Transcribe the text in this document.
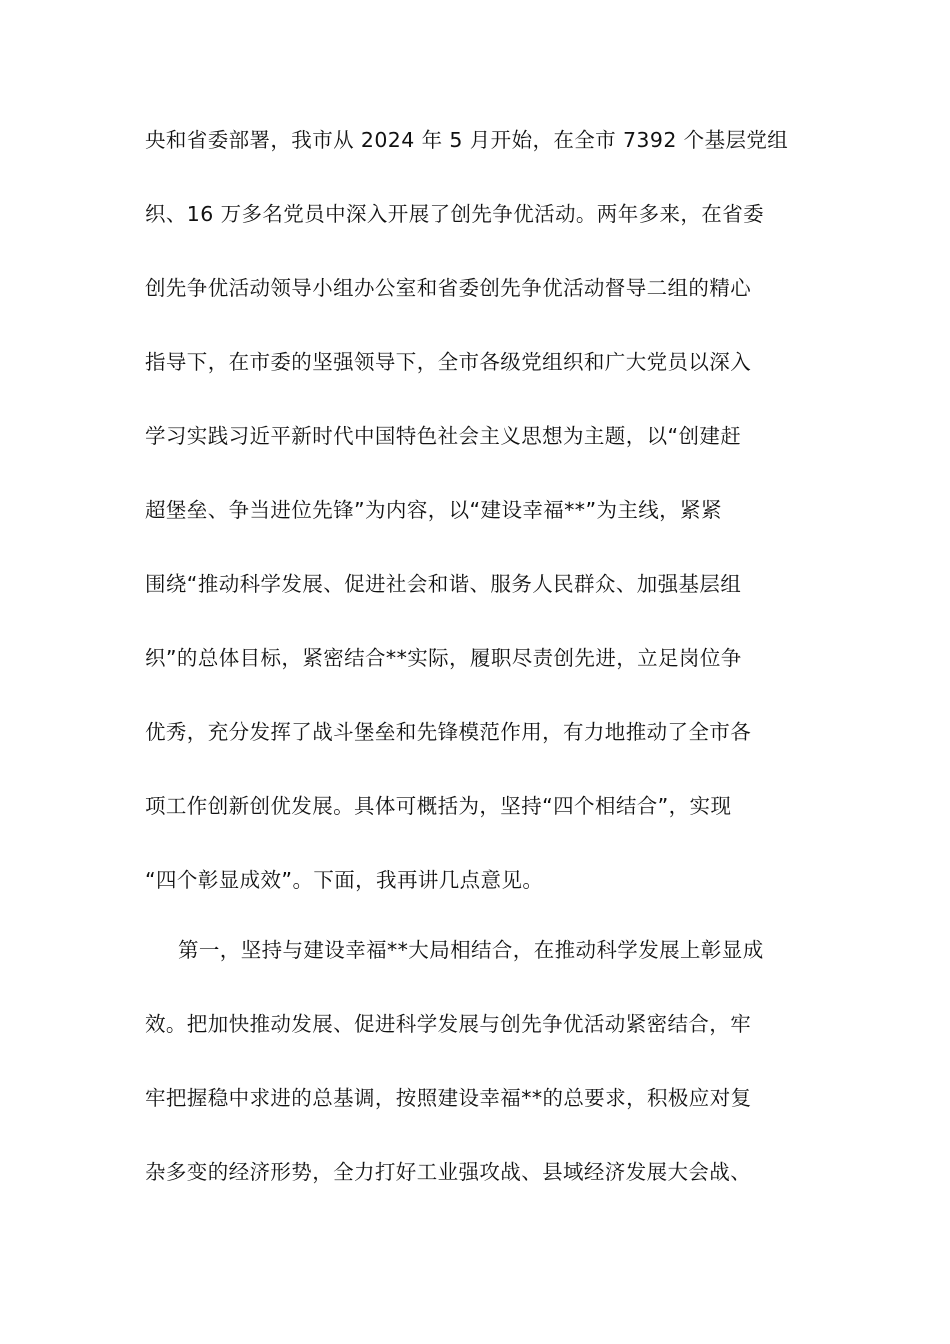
央和省委部署，我市从 2024 年 5 月开始，在全市 7392 个基层党组
织、16 万多名党员中深入开展了创先争优活动。两年多来，在省委
创先争优活动领导小组办公室和省委创先争优活动督导二组的精心
指导下，在市委的坚强领导下，全市各级党组织和广大党员以深入
学习实践习近平新时代中国特色社会主义思想为主题，以“创建赶
超堡垒、争当进位先锋”为内容，以“建设幸福**”为主线，紧紧
围绕“推动科学发展、促进社会和谐、服务人民群众、加强基层组
织”的总体目标，紧密结合**实际，履职尽责创先进，立足岗位争
优秀，充分发挥了战斗堡垒和先锋模范作用，有力地推动了全市各
项工作创新创优发展。具体可概括为，坚持“四个相结合”，实现
“四个彰显成效”。下面，我再讲几点意见。
第一，坚持与建设幸福**大局相结合，在推动科学发展上彰显成
效。把加快推动发展、促进科学发展与创先争优活动紧密结合，牢
牢把握稳中求进的总基调，按照建设幸福**的总要求，积极应对复
杂多变的经济形势，全力打好工业强攻战、县域经济发展大会战、
